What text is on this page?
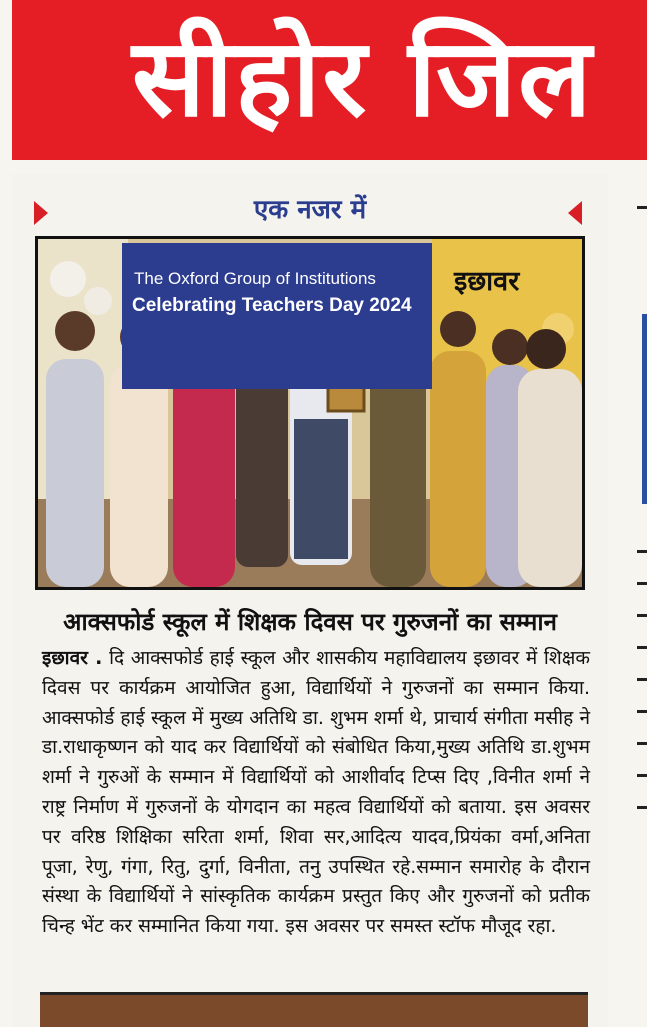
सीहोर जिल
एक नजर में
The Oxford Group of Institutions
Celebrating Teachers Day 2024
इछावर
आक्सफोर्ड स्कूल में शिक्षक दिवस पर गुरुजनों का सम्मान
इछावर . दि आक्सफोर्ड हाई स्कूल और शासकीय महाविद्यालय इछावर में शिक्षक दिवस पर कार्यक्रम आयोजित हुआ, विद्यार्थियों ने गुरुजनों का सम्मान किया. आक्सफोर्ड हाई स्कूल में मुख्य अतिथि डा. शुभम शर्मा थे, प्राचार्य संगीता मसीह ने डा.राधाकृष्णन को याद कर विद्यार्थियों को संबोधित किया,मुख्य अतिथि डा.शुभम शर्मा ने गुरुओं के सम्मान में विद्यार्थियों को आशीर्वाद टिप्स दिए ,विनीत शर्मा ने राष्ट्र निर्माण में गुरुजनों के योगदान का महत्व विद्यार्थियों को बताया. इस अवसर पर वरिष्ठ शिक्षिका सरिता शर्मा, शिवा सर,आदित्य यादव,प्रियंका वर्मा,अनिता पूजा, रेणु, गंगा, रितु, दुर्गा, विनीता, तनु उपस्थित रहे.सम्मान समारोह के दौरान संस्था के विद्यार्थियों ने सांस्कृतिक कार्यक्रम प्रस्तुत किए और गुरुजनों को प्रतीक चिन्ह भेंट कर सम्मानित किया गया. इस अवसर पर समस्त स्टॉफ मौजूद रहा.
